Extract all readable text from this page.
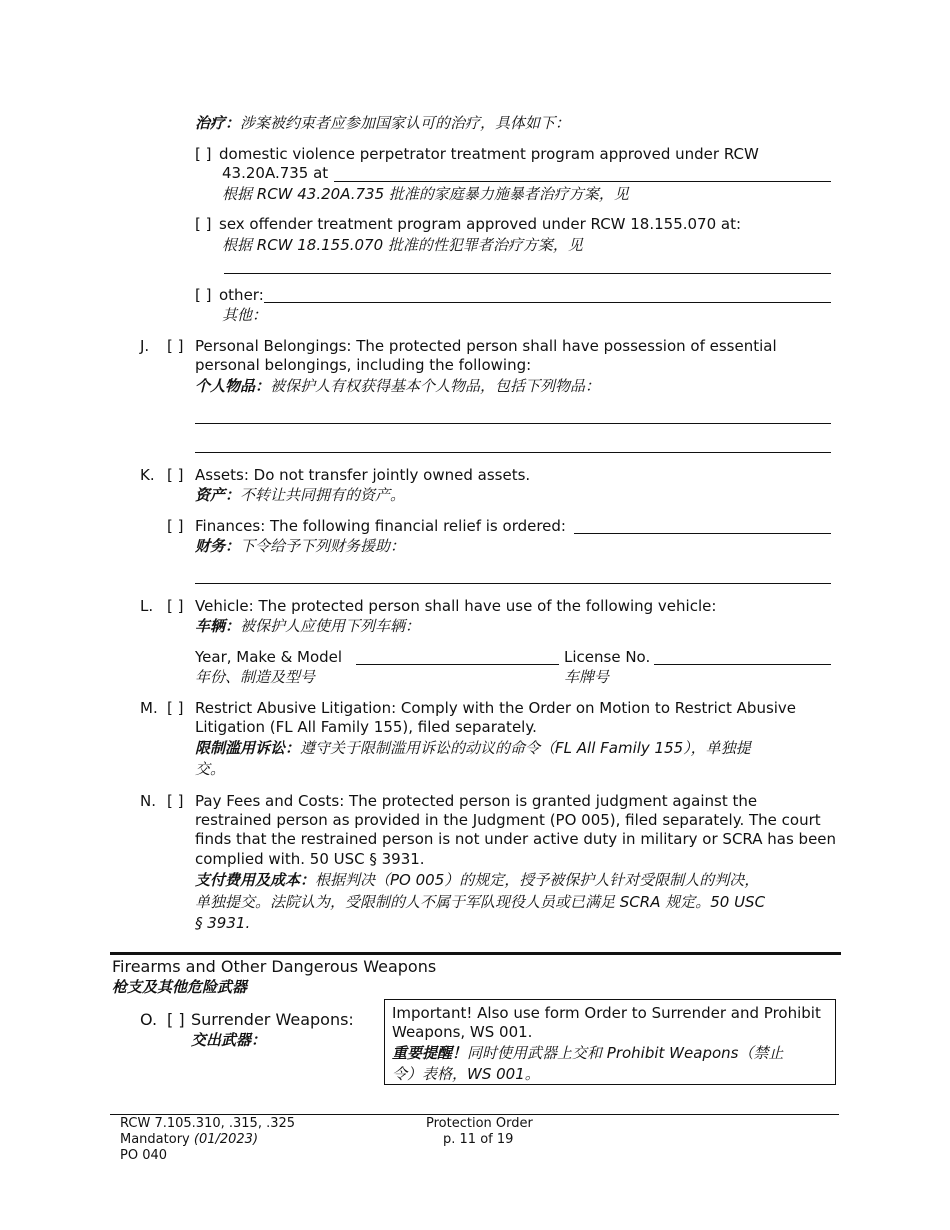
治疗：涉案被约束者应参加国家认可的治疗，具体如下：
[ ] domestic violence perpetrator treatment program approved under RCW
43.20A.735 at
根据 RCW 43.20A.735 批准的家庭暴力施暴者治疗方案，见
[ ] sex offender treatment program approved under RCW 18.155.070 at:
根据 RCW 18.155.070 批准的性犯罪者治疗方案，见
[ ] other:
其他：
J. [ ] Personal Belongings: The protected person shall have possession of essential
personal belongings, including the following:
个人物品：被保护人有权获得基本个人物品，包括下列物品：
K. [ ] Assets: Do not transfer jointly owned assets.
资产：不转让共同拥有的资产。
[ ] Finances: The following financial relief is ordered:
财务：下令给予下列财务援助：
L. [ ] Vehicle: The protected person shall have use of the following vehicle:
车辆：被保护人应使用下列车辆：
Year, Make & Model
年份、制造及型号
License No.
车牌号
M. [ ] Restrict Abusive Litigation: Comply with the Order on Motion to Restrict Abusive
Litigation (FL All Family 155), filed separately.
限制滥用诉讼：遵守关于限制滥用诉讼的动议的命令（FL All Family 155），单独提
交。
N. [ ] Pay Fees and Costs: The protected person is granted judgment against the
restrained person as provided in the Judgment (PO 005), filed separately. The court
finds that the restrained person is not under active duty in military or SCRA has been
complied with. 50 USC § 3931.
支付费用及成本：根据判决（PO 005）的规定，授予被保护人针对受限制人的判决，
单独提交。法院认为，受限制的人不属于军队现役人员或已满足 SCRA 规定。50 USC
§ 3931.
Firearms and Other Dangerous Weapons
枪支及其他危险武器
O. [ ] Surrender Weapons:
交出武器：
Important! Also use form Order to Surrender and Prohibit
Weapons, WS 001.
重要提醒！同时使用武器上交和 Prohibit Weapons（禁止
令）表格，WS 001。
RCW 7.105.310, .315, .325
Mandatory (01/2023)
PO 040
Protection Order
p. 11 of 19
